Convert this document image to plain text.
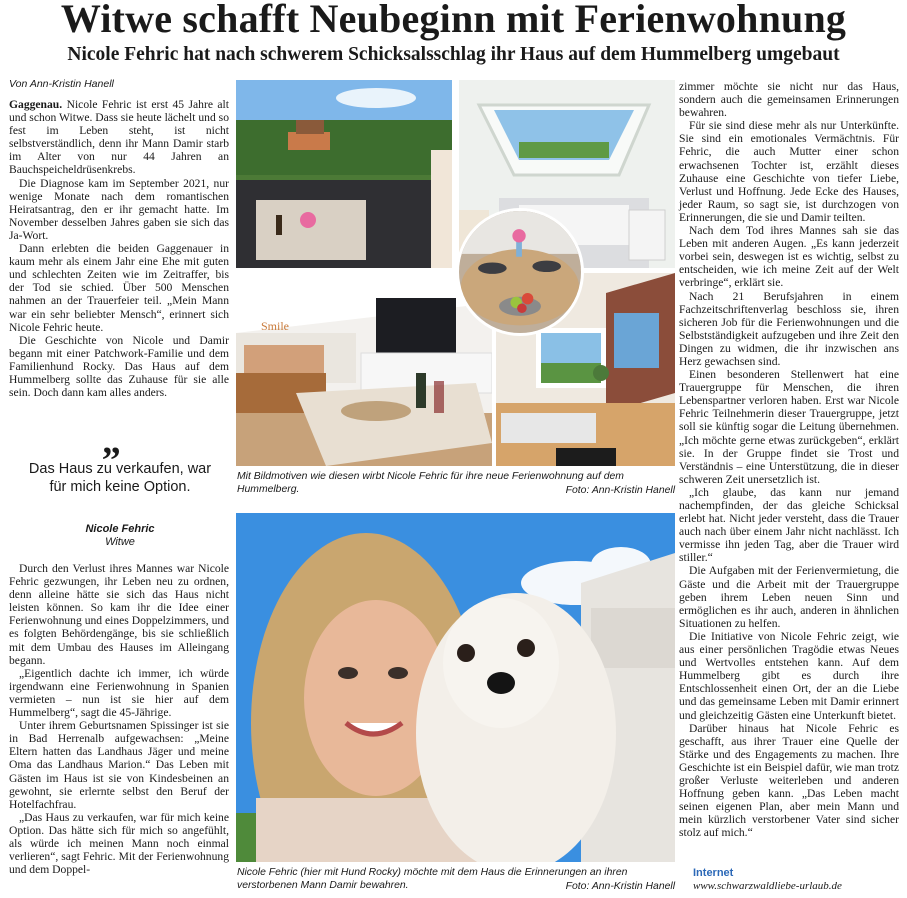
Witwe schafft Neubeginn mit Ferienwohnung
Nicole Fehric hat nach schwerem Schicksalsschlag ihr Haus auf dem Hummelberg umgebaut
Von Ann-Kristin Hanell

Gaggenau. Nicole Fehric ist erst 45 Jahre alt und schon Witwe. Dass sie heute lächelt und so fest im Leben steht, ist nicht selbstverständlich, denn ihr Mann Damir starb im Alter von nur 44 Jahren an Bauchspeicheldrüsenkrebs.

Die Diagnose kam im September 2021, nur wenige Monate nach dem romantischen Heiratsantrag, den er ihr gemacht hatte. Im November desselben Jahres gaben sie sich das Ja-Wort.

Dann erlebten die beiden Gaggenauer in kaum mehr als einem Jahr eine Ehe mit guten und schlechten Zeiten wie im Zeitraffer, bis der Tod sie schied. Über 500 Menschen nahmen an der Trauerfeier teil. „Mein Mann war ein sehr beliebter Mensch“, erinnert sich Nicole Fehric heute.

Die Geschichte von Nicole und Damir begann mit einer Patchwork-Familie und dem Familienhund Rocky. Das Haus auf dem Hummelberg sollte das Zuhause für sie alle sein. Doch dann kam alles anders.

„
Das Haus zu verkaufen, war für mich keine Option.
Nicole Fehric
Witwe

Durch den Verlust ihres Mannes war Nicole Fehric gezwungen, ihr Leben neu zu ordnen, denn alleine hätte sie sich das Haus nicht leisten können. So kam ihr die Idee einer Ferienwohnung und eines Doppelzimmers, und es folgten Behördengänge, bis sie schließlich mit dem Umbau des Hauses im Alleingang begann.

„Eigentlich dachte ich immer, ich würde irgendwann eine Ferienwohnung in Spanien vermieten – nun ist sie hier auf dem Hummelberg“, sagt die 45-Jährige.

Unter ihrem Geburtsnamen Spissinger ist sie in Bad Herrenalb aufgewachsen: „Meine Eltern hatten das Landhaus Jäger und meine Oma das Landhaus Marion.“ Das Leben mit Gästen im Haus ist sie von Kindesbeinen an gewohnt, sie erlernte selbst den Beruf der Hotelfachfrau.

„Das Haus zu verkaufen, war für mich keine Option. Das hätte sich für mich so angefühlt, als würde ich meinen Mann noch einmal verlieren“, sagt Fehric. Mit der Ferienwohnung und dem Doppel-

zimmer möchte sie nicht nur das Haus, sondern auch die gemeinsamen Erinnerungen bewahren.

Für sie sind diese mehr als nur Unterkünfte. Sie sind ein emotionales Vermächtnis. Für Fehric, die auch Mutter einer schon erwachsenen Tochter ist, erzählt dieses Zuhause eine Geschichte von tiefer Liebe, Verlust und Hoffnung. Jede Ecke des Hauses, jeder Raum, so sagt sie, ist durchzogen von Erinnerungen, die sie und Damir teilten.

Nach dem Tod ihres Mannes sah sie das Leben mit anderen Augen. „Es kann jederzeit vorbei sein, deswegen ist es wichtig, selbst zu entscheiden, wie ich meine Zeit auf der Welt verbringe“, erklärt sie.

Nach 21 Berufsjahren in einem Fachzeitschriftenverlag beschloss sie, ihren sicheren Job für die Ferienwohnungen und die Selbstständigkeit aufzugeben und ihre Zeit den Dingen zu widmen, die ihr inzwischen ans Herz gewachsen sind.

Einen besonderen Stellenwert hat eine Trauergruppe für Menschen, die ihren Lebenspartner verloren haben. Erst war Nicole Fehric Teilnehmerin dieser Trauergruppe, jetzt soll sie künftig sogar die Leitung übernehmen. „Ich möchte gerne etwas zurückgeben“, erklärt sie. In der Gruppe findet sie Trost und Verständnis – eine Unterstützung, die in dieser schweren Zeit unersetzlich ist.

„Ich glaube, das kann nur jemand nachempfinden, der das gleiche Schicksal erlebt hat. Nicht jeder versteht, dass die Trauer auch nach über einem Jahr nicht nachlässt. Ich vermisse ihn jeden Tag, aber die Trauer wird stiller.“

Die Aufgaben mit der Ferienvermietung, die Gäste und die Arbeit mit der Trauergruppe geben ihrem Leben neuen Sinn und ermöglichen es ihr auch, anderen in ähnlichen Situationen zu helfen.

Die Initiative von Nicole Fehric zeigt, wie aus einer persönlichen Tragödie etwas Neues und Wertvolles entstehen kann. Auf dem Hummelberg gibt es durch ihre Entschlossenheit einen Ort, der an die Liebe und das gemeinsame Leben mit Damir erinnert und gleichzeitig Gästen eine Unterkunft bietet.

Darüber hinaus hat Nicole Fehric es geschafft, aus ihrer Trauer eine Quelle der Stärke und des Engagements zu machen. Ihre Geschichte ist ein Beispiel dafür, wie man trotz großer Verluste weiterleben und anderen Hoffnung geben kann. „Das Leben macht seinen eigenen Plan, aber mein Mann und mein kürzlich verstorbener Vater sind sicher stolz auf mich.“

Smile
Mit Bildmotiven wie diesen wirbt Nicole Fehric für ihre neue Ferienwohnung auf dem Hummelberg.	Foto: Ann-Kristin Hanell
Nicole Fehric (hier mit Hund Rocky) möchte mit dem Haus die Erinnerungen an ihren verstorbenen Mann Damir bewahren.	Foto: Ann-Kristin Hanell
Internet
www.schwarzwaldliebe-urlaub.de
